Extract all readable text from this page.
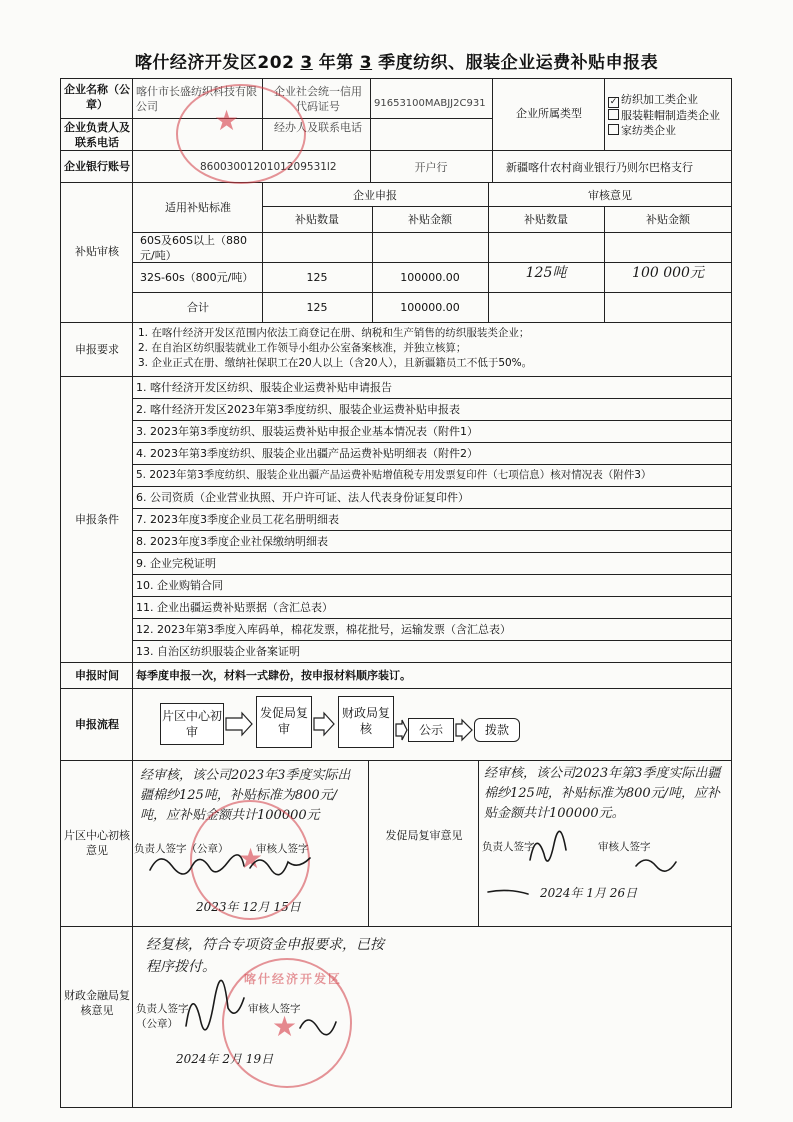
喀什经济开发区202 3 年第 3 季度纺织、服装企业运费补贴申报表
企业名称（公章）
喀什市长盛纺织科技有限公司
企业社会统一信用代码证号	91653100MABJJ2C931
企业所属类型
✓ 纺织加工类企业
服装鞋帽制造类企业
家纺类企业
企业负责人及联系电话
经办人及联系电话
企业银行账号	8600300120101209531l2	开户行	新疆喀什农村商业银行乃则尔巴格支行
补贴审核
适用补贴标准
企业申报	审核意见
补贴数量	补贴金额	补贴数量	补贴金额
60S及60S以上（880元/吨）
32S-60s（800元/吨）	125	100000.00	125吨	100 000元
合计	125	100000.00
申报要求
1. 在喀什经济开发区范围内依法工商登记在册、纳税和生产销售的纺织服装类企业；
2. 在自治区纺织服装就业工作领导小组办公室备案核准，并独立核算；
3. 企业正式在册、缴纳社保职工在20人以上（含20人），且新疆籍员工不低于50%。
申报条件
1. 喀什经济开发区纺织、服装企业运费补贴申请报告
2. 喀什经济开发区2023年第3季度纺织、服装企业运费补贴申报表
3. 2023年第3季度纺织、服装运费补贴申报企业基本情况表（附件1）
4. 2023年第3季度纺织、服装企业出疆产品运费补贴明细表（附件2）
5. 2023年第3季度纺织、服装企业出疆产品运费补贴增值税专用发票复印件（七项信息）核对情况表（附件3）
6. 公司资质（企业营业执照、开户许可证、法人代表身份证复印件）
7. 2023年度3季度企业员工花名册明细表
8. 2023年度3季度企业社保缴纳明细表
9. 企业完税证明
10. 企业购销合同
11. 企业出疆运费补贴票据（含汇总表）
12. 2023年第3季度入库码单，棉花发票，棉花批号，运输发票（含汇总表）
13. 自治区纺织服装企业备案证明
申报时间	每季度申报一次，材料一式肆份，按申报材料顺序装订。
申报流程
片区中心初审
发促局复审
财政局复核	公示	拨款
片区中心初核意见
经审核，该公司2023年3季度实际出疆棉纱125吨，补贴标准为800元/吨，应补贴金额共计100000元
负责人签字（公章）	审核人签字
2023年 12月 15日
发促局复审意见
经审核，该公司2023年第3季度实际出疆棉纱125吨，补贴标准为800元/吨，应补贴金额共计100000元。
负责人签字	审核人签字
2024年 1月 26日
财政金融局复核意见
经复核，符合专项资金申报要求，已按程序拨付。
负责人签字（公章）
审核人签字
2024年 2月 19日
★
★
喀什经济开发区
★
